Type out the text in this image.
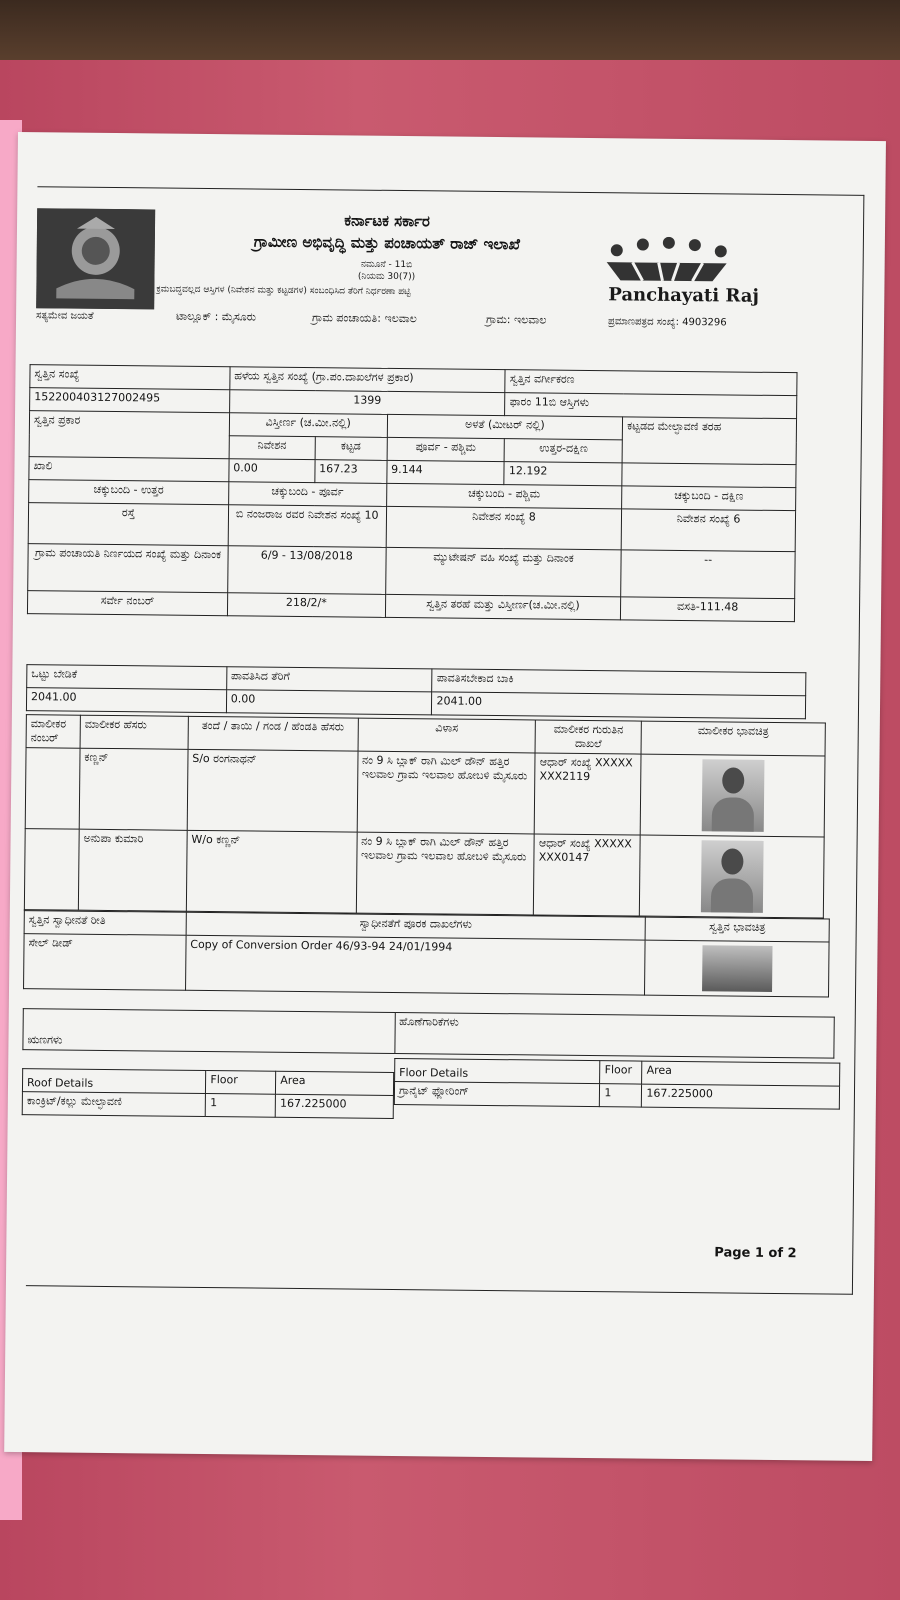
ಸತ್ಯಮೇವ ಜಯತೆ
ಕರ್ನಾಟಕ ಸರ್ಕಾರ
ಗ್ರಾಮೀಣ ಅಭಿವೃದ್ಧಿ ಮತ್ತು ಪಂಚಾಯತ್ ರಾಜ್ ಇಲಾಖೆ
ನಮೂನೆ - 11ಬಿ
(ನಿಯಮ 30(7))
ಕ್ರಮಬದ್ಧವಲ್ಲದ ಆಸ್ತಿಗಳ (ನಿವೇಶನ ಮತ್ತು ಕಟ್ಟಡಗಳ) ಸಂಬಂಧಿಸಿದ ತೆರಿಗೆ ನಿರ್ಧರಣಾ ಪಟ್ಟಿ
ಟಾಲ್ಲೂಕ್ : ಮೈಸೂರು	ಗ್ರಾಮ ಪಂಚಾಯತಿ: ಇಲವಾಲ	ಗ್ರಾಮ: ಇಲವಾಲ
Panchayati Raj
ಪ್ರಮಾಣಪತ್ರದ ಸಂಖ್ಯೆ: 4903296
ಸ್ವತ್ತಿನ ಸಂಖ್ಯೆ	ಹಳೆಯ ಸ್ವತ್ತಿನ ಸಂಖ್ಯೆ (ಗ್ರಾ.ಪಂ.ದಾಖಲೆಗಳ ಪ್ರಕಾರ)			ಸ್ವತ್ತಿನ ವರ್ಗೀಕರಣ	
152200403127002495	1399			ಫಾರಂ 11ಬಿ ಆಸ್ತಿಗಳು	
ಸ್ವತ್ತಿನ ಪ್ರಕಾರ	ವಿಸ್ತೀರ್ಣ (ಚ.ಮೀ.ನಲ್ಲಿ)		ಅಳತೆ (ಮೀಟರ್ ನಲ್ಲಿ)		ಕಟ್ಟಡದ ಮೇಲ್ಛಾವಣಿ ತರಹ
	ನಿವೇಶನ	ಕಟ್ಟಡ	ಪೂರ್ವ - ಪಶ್ಚಿಮ	ಉತ್ತರ-ದಕ್ಷಿಣ	
ಖಾಲಿ	0.00	167.23	9.144	12.192	
ಚಕ್ಕುಬಂದಿ - ಉತ್ತರ	ಚಕ್ಕುಬಂದಿ - ಪೂರ್ವ		ಚಕ್ಕುಬಂದಿ - ಪಶ್ಚಿಮ		ಚಕ್ಕುಬಂದಿ - ದಕ್ಷಿಣ
ರಸ್ತೆ	ಬಿ ನಂಜರಾಜ ರವರ ನಿವೇಶನ ಸಂಖ್ಯೆ 10		ನಿವೇಶನ ಸಂಖ್ಯೆ 8		ನಿವೇಶನ ಸಂಖ್ಯೆ 6
ಗ್ರಾಮ ಪಂಚಾಯತಿ ನಿರ್ಣಯದ ಸಂಖ್ಯೆ ಮತ್ತು ದಿನಾಂಕ	6/9 - 13/08/2018		ಮ್ಯುಟೇಷನ್ ವಹಿ ಸಂಖ್ಯೆ ಮತ್ತು ದಿನಾಂಕ		--
ಸರ್ವೇ ನಂಬರ್	218/2/*		ಸ್ವತ್ತಿನ ತರಹೆ ಮತ್ತು ವಿಸ್ತೀರ್ಣ(ಚ.ಮೀ.ನಲ್ಲಿ)		ವಸತಿ-111.48
ಒಟ್ಟು ಬೇಡಿಕೆ	ಪಾವತಿಸಿದ ತೆರಿಗೆ	ಪಾವತಿಸಬೇಕಾದ ಬಾಕಿ
2041.00	0.00	2041.00
ಮಾಲೀಕರ ನಂಬರ್	ಮಾಲೀಕರ ಹೆಸರು	ತಂದೆ / ತಾಯಿ / ಗಂಡ / ಹೆಂಡತಿ ಹೆಸರು	ವಿಳಾಸ	ಮಾಲೀಕರ ಗುರುತಿನ ದಾಖಲೆ	ಮಾಲೀಕರ ಭಾವಚಿತ್ರ
	ಕಣ್ಣನ್	S/o ರಂಗನಾಥನ್	ನಂ 9 ಸಿ ಬ್ಲಾಕ್ ರಾಗಿ ಮಿಲ್ ಡೌನ್ ಹತ್ತಿರ ಇಲವಾಲ ಗ್ರಾಮ ಇಲವಾಲ ಹೋಬಳಿ ಮೈಸೂರು	ಆಧಾರ್ ಸಂಖ್ಯೆ XXXXXXXX2119	

	ಅನುಪಾ ಕುಮಾರಿ	W/o ಕಣ್ಣನ್	ನಂ 9 ಸಿ ಬ್ಲಾಕ್ ರಾಗಿ ಮಿಲ್ ಡೌನ್ ಹತ್ತಿರ ಇಲವಾಲ ಗ್ರಾಮ ಇಲವಾಲ ಹೋಬಳಿ ಮೈಸೂರು	ಆಧಾರ್ ಸಂಖ್ಯೆ XXXXXXXX0147	
ಸ್ವತ್ತಿನ ಸ್ವಾಧೀನತೆ ರೀತಿ	ಸ್ವಾಧೀನತೆಗೆ ಪೂರಕ ದಾಖಲೆಗಳು	ಸ್ವತ್ತಿನ ಭಾವಚಿತ್ರ
ಸೇಲ್ ಡೀಡ್	Copy of Conversion Order 46/93-94 24/01/1994	
ಋಣಗಳು	ಹೊಣೆಗಾರಿಕೆಗಳು
Roof Details	Floor	Area
ಕಾಂಕ್ರಿಟ್/ಕಲ್ಲು ಮೇಲ್ಛಾವಣಿ	1	167.225000
Floor Details	Floor	Area
ಗ್ರಾನೈಟ್ ಫ್ಲೋರಿಂಗ್	1	167.225000
Page 1 of 2
